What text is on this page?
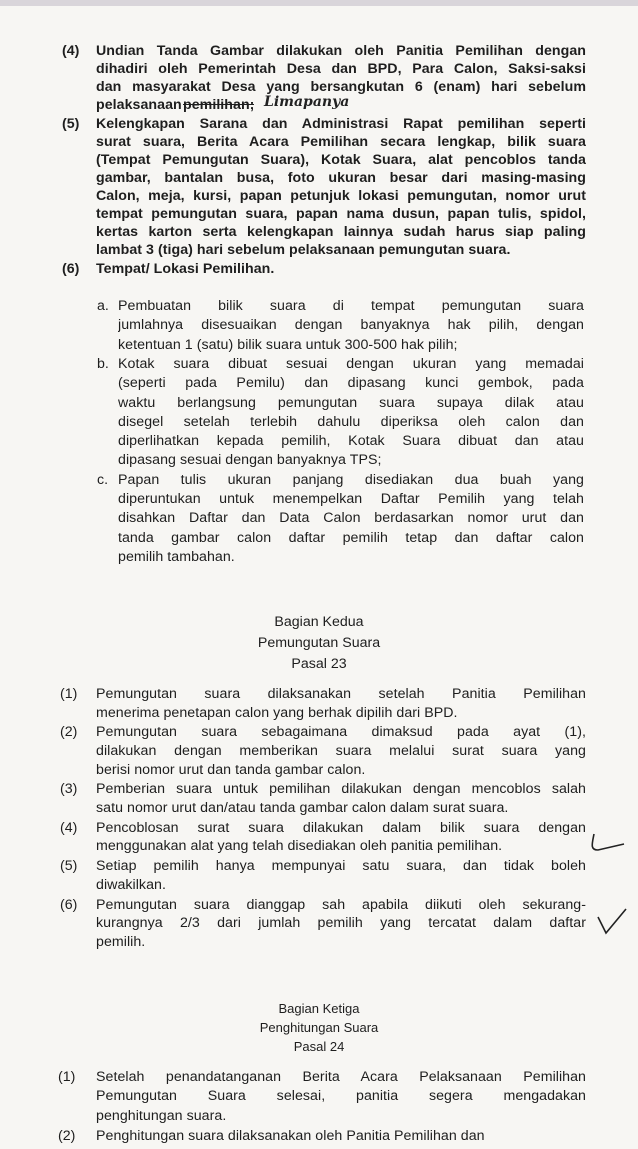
(4) Undian Tanda Gambar dilakukan oleh Panitia Pemilihan dengan
dihadiri oleh Pemerintah Desa dan BPD, Para Calon, Saksi-saksi
dan masyarakat Desa yang bersangkutan 6 (enam) hari sebelum
pelaksanaan pemilihan; Limapanya
(5) Kelengkapan Sarana dan Administrasi Rapat pemilihan seperti
surat suara, Berita Acara Pemilihan secara lengkap, bilik suara
(Tempat Pemungutan Suara), Kotak Suara, alat pencoblos tanda
gambar, bantalan busa, foto ukuran besar dari masing-masing
Calon, meja, kursi, papan petunjuk lokasi pemungutan, nomor urut
tempat pemungutan suara, papan nama dusun, papan tulis, spidol,
kertas karton serta kelengkapan lainnya sudah harus siap paling
lambat 3 (tiga) hari sebelum pelaksanaan pemungutan suara.
(6) Tempat/ Lokasi Pemilihan.
a. Pembuatan bilik suara di tempat pemungutan suara
jumlahnya disesuaikan dengan banyaknya hak pilih, dengan
ketentuan 1 (satu) bilik suara untuk 300-500 hak pilih;
b. Kotak suara dibuat sesuai dengan ukuran yang memadai
(seperti pada Pemilu) dan dipasang kunci gembok, pada
waktu berlangsung pemungutan suara supaya dilak atau
disegel setelah terlebih dahulu diperiksa oleh calon dan
diperlihatkan kepada pemilih, Kotak Suara dibuat dan atau
dipasang sesuai dengan banyaknya TPS;
c. Papan tulis ukuran panjang disediakan dua buah yang
diperuntukan untuk menempelkan Daftar Pemilih yang telah
disahkan Daftar dan Data Calon berdasarkan nomor urut dan
tanda gambar calon daftar pemilih tetap dan daftar calon
pemilih tambahan.
Bagian Kedua
Pemungutan Suara
Pasal 23
(1) Pemungutan suara dilaksanakan setelah Panitia Pemilihan
menerima penetapan calon yang berhak dipilih dari BPD.
(2) Pemungutan suara sebagaimana dimaksud pada ayat (1),
dilakukan dengan memberikan suara melalui surat suara yang
berisi nomor urut dan tanda gambar calon.
(3) Pemberian suara untuk pemilihan dilakukan dengan mencoblos salah
satu nomor urut dan/atau tanda gambar calon dalam surat suara.
(4) Pencoblosan surat suara dilakukan dalam bilik suara dengan
menggunakan alat yang telah disediakan oleh panitia pemilihan.
(5) Setiap pemilih hanya mempunyai satu suara, dan tidak boleh
diwakilkan.
(6) Pemungutan suara dianggap sah apabila diikuti oleh sekurang-
kurangnya 2/3 dari jumlah pemilih yang tercatat dalam daftar
pemilih.
Bagian Ketiga
Penghitungan Suara
Pasal 24
(1) Setelah penandatanganan Berita Acara Pelaksanaan Pemilihan
Pemungutan Suara selesai, panitia segera mengadakan
penghitungan suara.
(2) Penghitungan suara dilaksanakan oleh Panitia Pemilihan dan
